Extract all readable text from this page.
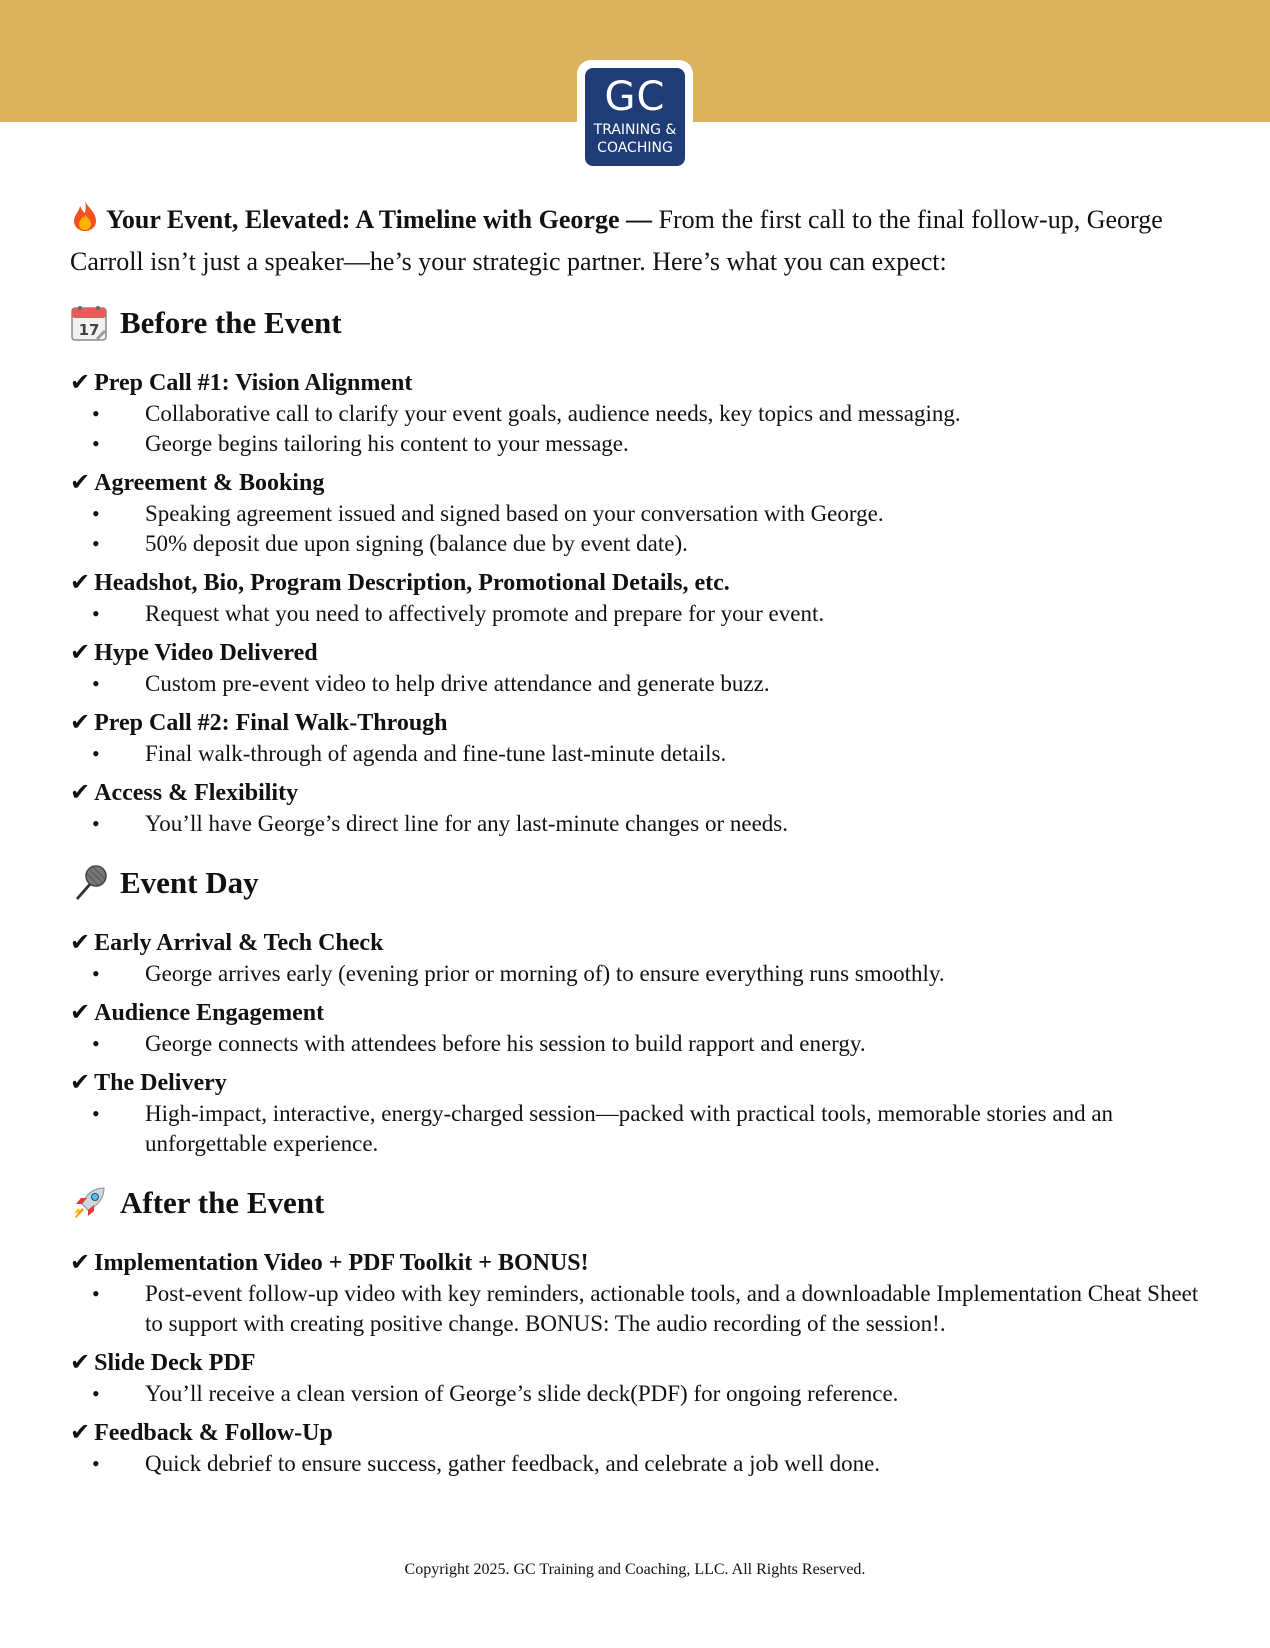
GC
TRAINING &
COACHING

Your Event, Elevated: A Timeline with George — From the first call to the final follow-up, George Carroll isn’t just a speaker—he’s your strategic partner. Here’s what you can expect:

17 Before the Event
✔ Prep Call #1: Vision Alignment
• Collaborative call to clarify your event goals, audience needs, key topics and messaging.
• George begins tailoring his content to your message.
✔ Agreement & Booking
• Speaking agreement issued and signed based on your conversation with George.
• 50% deposit due upon signing (balance due by event date).
✔ Headshot, Bio, Program Description, Promotional Details, etc.
• Request what you need to affectively promote and prepare for your event.
✔ Hype Video Delivered
• Custom pre-event video to help drive attendance and generate buzz.
✔ Prep Call #2: Final Walk-Through
• Final walk-through of agenda and fine-tune last-minute details.
✔ Access & Flexibility
• You’ll have George’s direct line for any last-minute changes or needs.
Event Day
✔ Early Arrival & Tech Check
• George arrives early (evening prior or morning of) to ensure everything runs smoothly.
✔ Audience Engagement
• George connects with attendees before his session to build rapport and energy.
✔ The Delivery
• High-impact, interactive, energy-charged session—packed with practical tools, memorable stories and an unforgettable experience.
After the Event
✔ Implementation Video + PDF Toolkit + BONUS!
• Post-event follow-up video with key reminders, actionable tools, and a downloadable Implementation Cheat Sheet to support with creating positive change. BONUS: The audio recording of the session!.
✔ Slide Deck PDF
• You’ll receive a clean version of George’s slide deck(PDF) for ongoing reference.
✔ Feedback & Follow-Up
• Quick debrief to ensure success, gather feedback, and celebrate a job well done.
Copyright 2025. GC Training and Coaching, LLC. All Rights Reserved.
